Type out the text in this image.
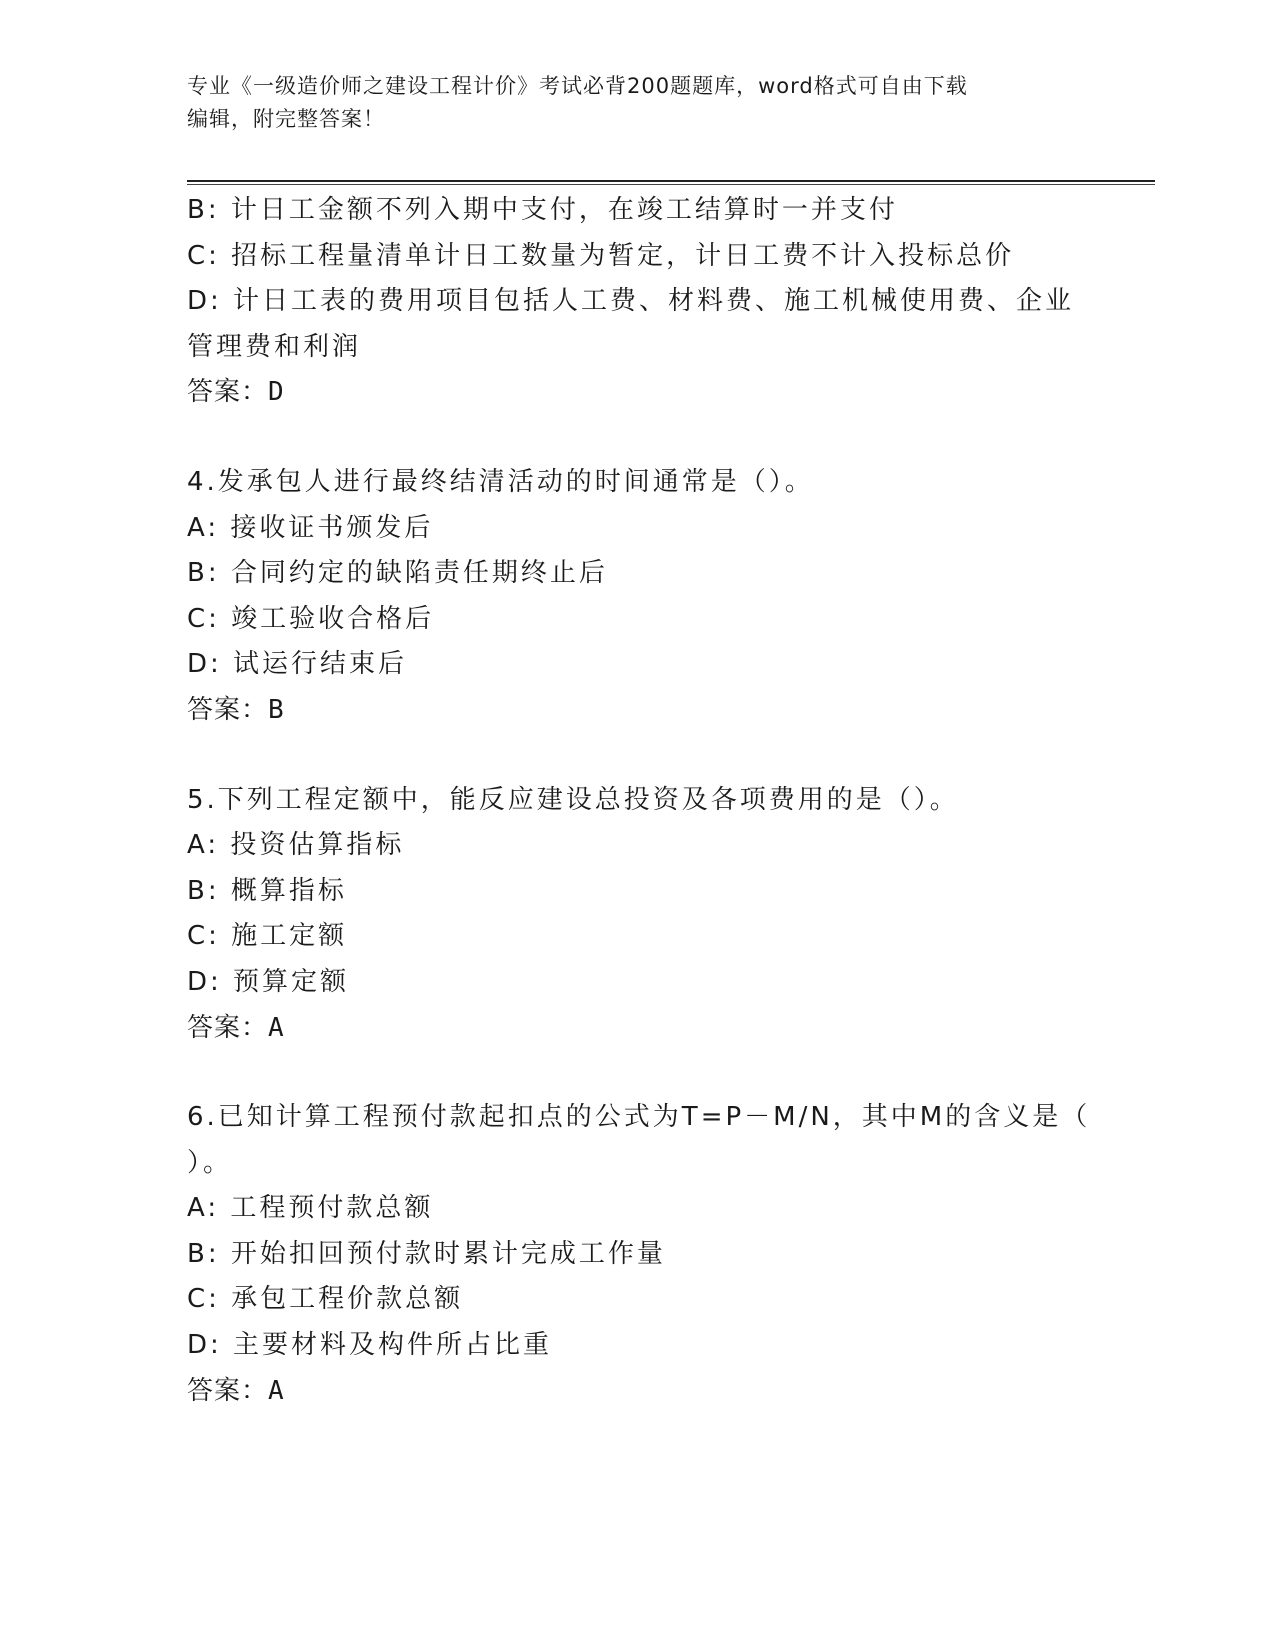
专业《一级造价师之建设工程计价》考试必背200题题库，word格式可自由下载
编辑，附完整答案！
B: 计日工金额不列入期中支付，在竣工结算时一并支付
C: 招标工程量清单计日工数量为暂定，计日工费不计入投标总价
D: 计日工表的费用项目包括人工费、材料费、施工机械使用费、企业
管理费和利润
答案：D
4.发承包人进行最终结清活动的时间通常是（）。
A: 接收证书颁发后
B: 合同约定的缺陷责任期终止后
C: 竣工验收合格后
D: 试运行结束后
答案：B
5.下列工程定额中，能反应建设总投资及各项费用的是（）。
A: 投资估算指标
B: 概算指标
C: 施工定额
D: 预算定额
答案：A
6.已知计算工程预付款起扣点的公式为T=P－M/N，其中M的含义是（
）。
A: 工程预付款总额
B: 开始扣回预付款时累计完成工作量
C: 承包工程价款总额
D: 主要材料及构件所占比重
答案：A
